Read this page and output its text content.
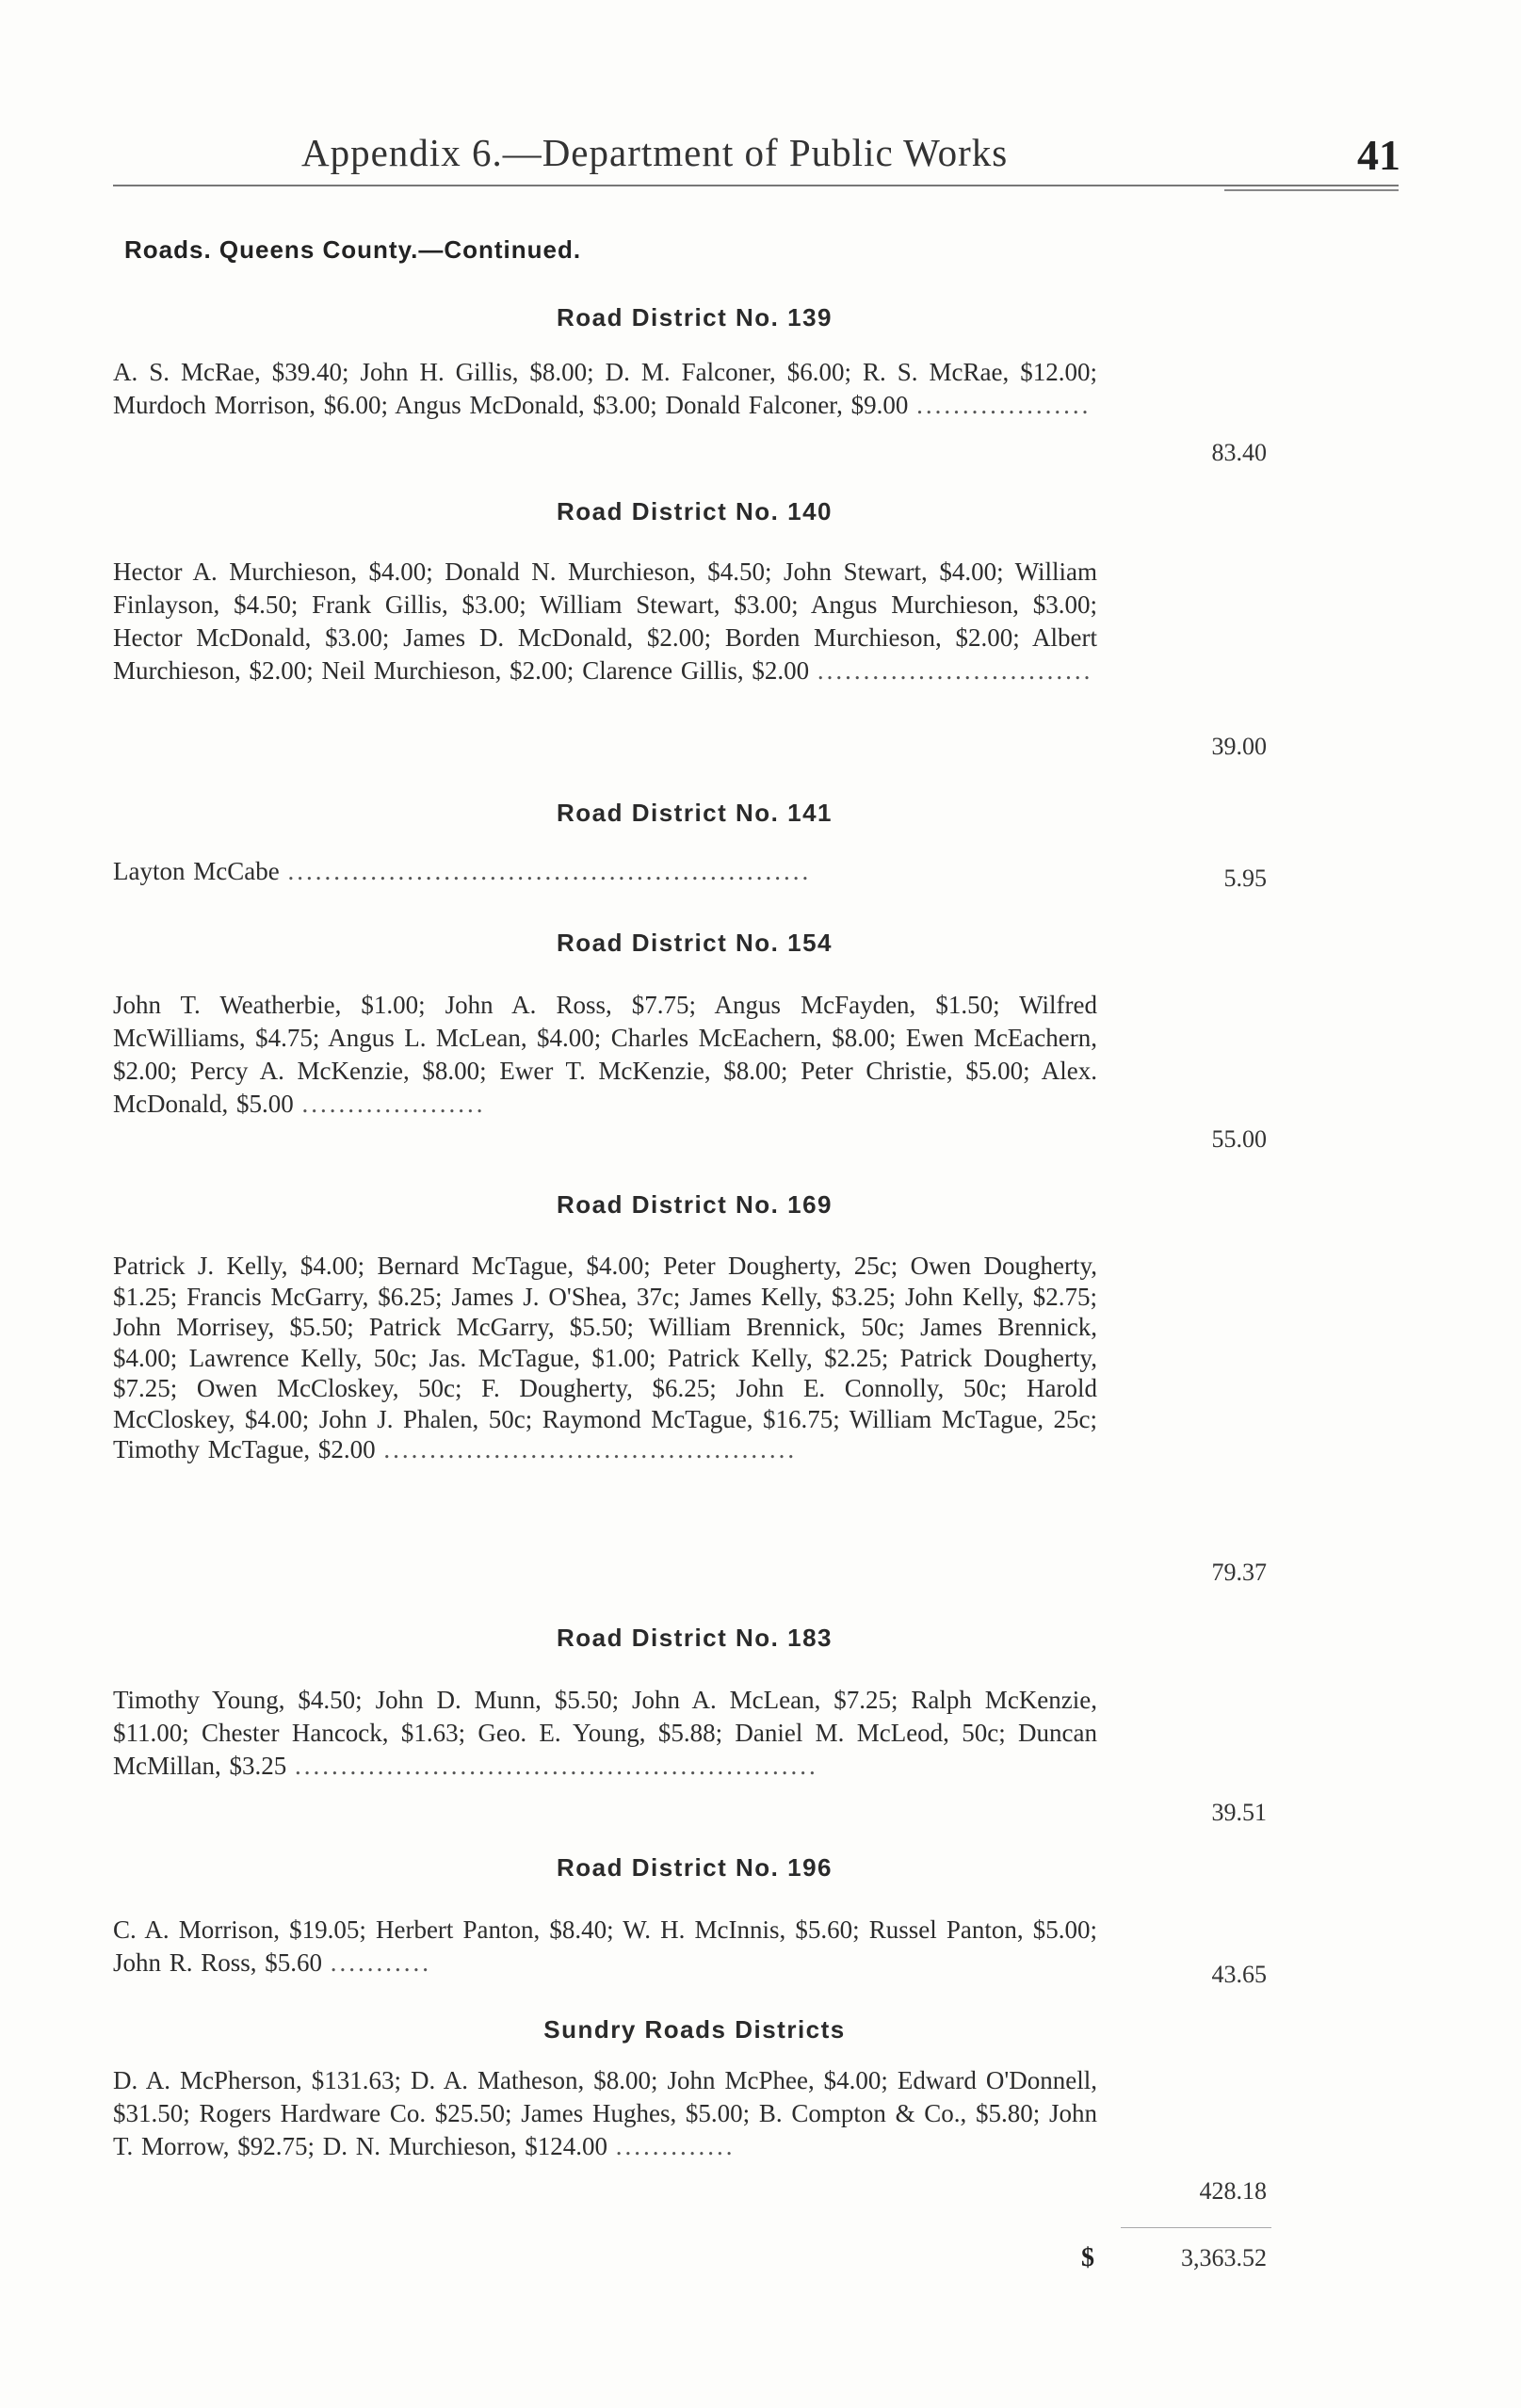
Appendix 6.—Department of Public Works	41
Roads. Queens County.—Continued.
Road District No. 139
A. S. McRae, $39.40; John H. Gillis, $8.00; D. M. Falconer, $6.00; R. S. McRae, $12.00; Murdoch Morrison, $6.00; Angus McDonald, $3.00; Donald Falconer, $9.00 ...................
83.40
Road District No. 140
Hector A. Murchieson, $4.00; Donald N. Murchieson, $4.50; John Stewart, $4.00; William Finlayson, $4.50; Frank Gillis, $3.00; William Stewart, $3.00; Angus Murchieson, $3.00; Hector McDonald, $3.00; James D. McDonald, $2.00; Borden Murchieson, $2.00; Albert Murchieson, $2.00; Neil Murchieson, $2.00; Clarence Gillis, $2.00 ..............................
39.00
Road District No. 141
Layton McCabe .........................................................	5.95
Road District No. 154
John T. Weatherbie, $1.00; John A. Ross, $7.75; Angus McFayden, $1.50; Wilfred McWilliams, $4.75; Angus L. McLean, $4.00; Charles McEachern, $8.00; Ewen McEachern, $2.00; Percy A. McKenzie, $8.00; Ewer T. McKenzie, $8.00; Peter Christie, $5.00; Alex. McDonald, $5.00 ....................
55.00
Road District No. 169
Patrick J. Kelly, $4.00; Bernard McTague, $4.00; Peter Dougherty, 25c; Owen Dougherty, $1.25; Francis McGarry, $6.25; James J. O'Shea, 37c; James Kelly, $3.25; John Kelly, $2.75; John Morrisey, $5.50; Patrick McGarry, $5.50; William Brennick, 50c; James Brennick, $4.00; Lawrence Kelly, 50c; Jas. McTague, $1.00; Patrick Kelly, $2.25; Patrick Dougherty, $7.25; Owen McCloskey, 50c; F. Dougherty, $6.25; John E. Connolly, 50c; Harold McCloskey, $4.00; John J. Phalen, 50c; Raymond McTague, $16.75; William McTague, 25c; Timothy McTague, $2.00 .............................................
79.37
Road District No. 183
Timothy Young, $4.50; John D. Munn, $5.50; John A. McLean, $7.25; Ralph McKenzie, $11.00; Chester Hancock, $1.63; Geo. E. Young, $5.88; Daniel M. McLeod, 50c; Duncan McMillan, $3.25 .........................................................
39.51
Road District No. 196
C. A. Morrison, $19.05; Herbert Panton, $8.40; W. H. McInnis, $5.60; Russel Panton, $5.00; John R. Ross, $5.60 ...........	43.65
Sundry Roads Districts
D. A. McPherson, $131.63; D. A. Matheson, $8.00; John McPhee, $4.00; Edward O'Donnell, $31.50; Rogers Hardware Co. $25.50; James Hughes, $5.00; B. Compton & Co., $5.80; John T. Morrow, $92.75; D. N. Murchieson, $124.00 .............
428.18
$	3,363.52
